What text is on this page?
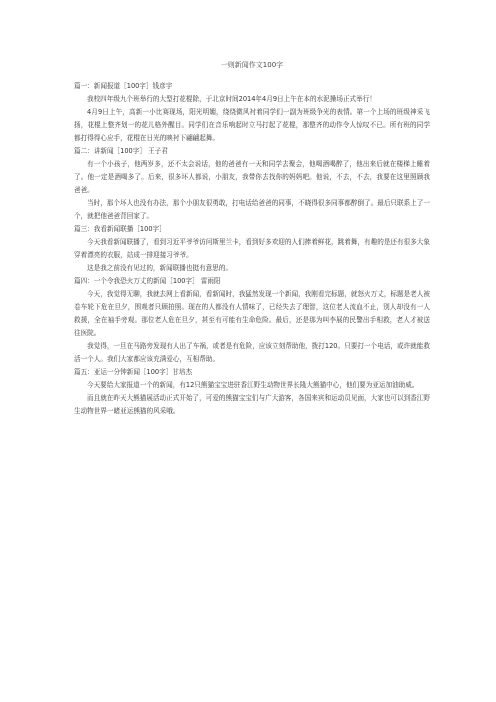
一则新闻作文100字
篇一：新闻报道［100字］钱彦宇
我校四年级九个班举行的大型打花棍除，于北京时间2014年4月9日上午在本的水泥操场正式举行！
4月9日上午，高新一小比赛现场，阳光明媚，绕绕微风衬着同学们一副为班级争光的表情。第一个上场的班级神采飞扬，花棍上整齐划一的花儿格外醒目。同学们在音乐响起时立马打起了花棍，那整齐的动作令人惊叹不已。所有班的同学都打得得心应手，花棍在日光的映衬下翩翩起舞。
篇二：讲新闻［100字］ 王子君
有一个小孩子，他两岁多，还不太会说话，他的爸爸有一天和同学去聚会，他喝酒喝醉了，他出来后就在楼梯上睡着了。他一定是酒喝多了。后来，很多坏人都说，小朋友，我带你去找你的妈妈吧。他说，不去，不去，我要在这里照顾我爸爸。
当时，那个坏人也没有办法，那个小朋友很勇敢，打电话给爸爸的同事，不晓得很多同事都醉倒了。最后只联系上了一个，就把他爸爸背回家了。
篇三：我看新闻联播［100字］
今天我看新闻联播了，看到习近平爷爷访问斯里兰卡，看到好多欢迎的人们捧着鲜花，跳着舞，有趣的是还有很多大象穿着漂亮的衣服，站成一排迎接习爷爷。
这是我之前没有见过的，新闻联播也挺有意思的。
篇四：一个令我恐火万丈的新闻［100字］ 雷雨阳
今天，我觉得无聊，我就去网上看新闻，看新闻时，我猛然发现一个新闻，我刚看完标题，就怒火万丈，标题是老人被卷车轮下危在旦夕，围观者只顾拍照。现在的人都没有人情味了，已经失去了理智，这位老人流血不止，别人却没有一人救援，全在袖手旁观。那位老人危在旦夕，甚至有可能有生命危险。最后，还是那为叫李展的民警出手相救，老人才被送往医院。
我觉得，一旦在马路旁发现有人出了车祸，或者是有危险，应该立刻帮助他，拨打120。只要打一个电话，或许就能救活一个人。我们大家都应该充满爱心，互相帮助。
篇五：亚运一分钟新闻［100字］甘培杰
今天要给大家报道一个的新闻，有12只熊猫宝宝进驻香江野生动物世界长隆大熊猫中心，他们要为亚运加油助威。
而且就在昨天大熊猫展活动正式开始了，可爱的熊猫宝宝们与广大游客，各国来宾和运动员见面，大家也可以到香江野生动物世界一睹亚运熊猫的风采哦。
